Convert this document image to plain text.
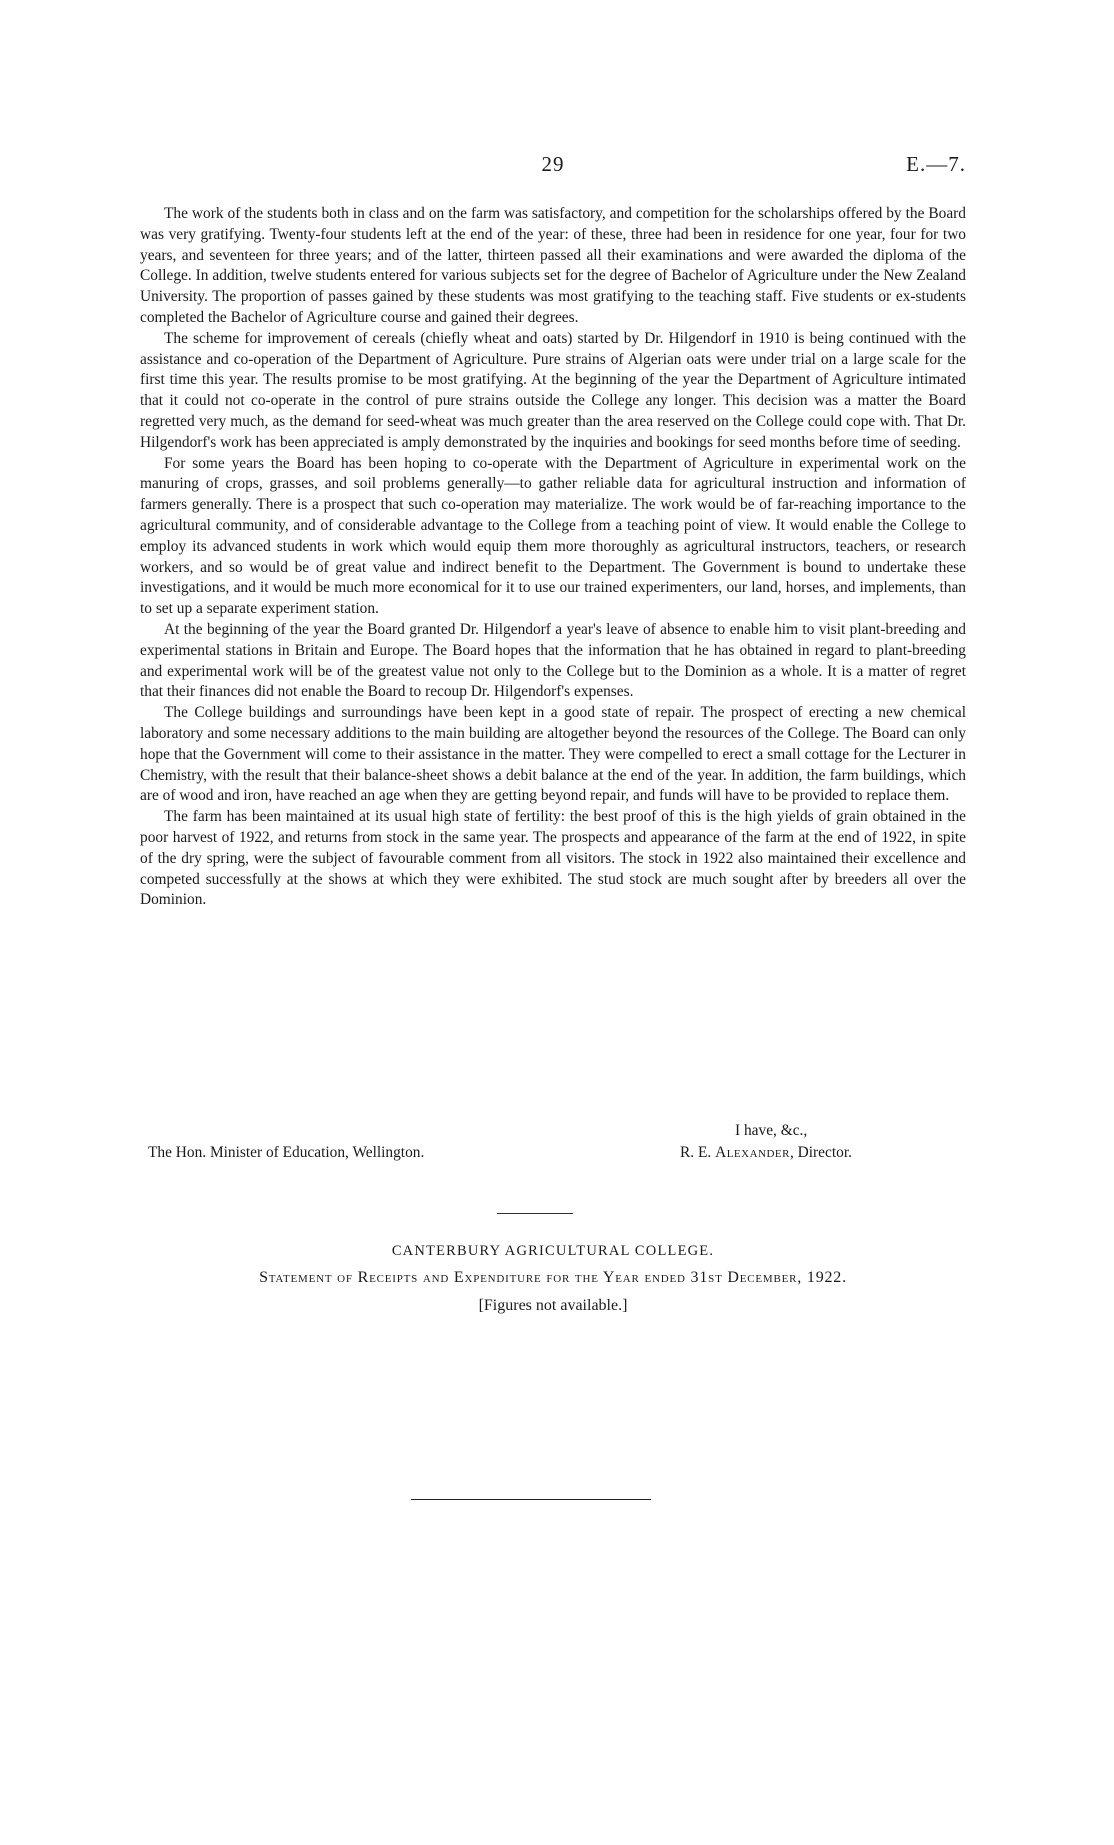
29	E.—7.

The work of the students both in class and on the farm was satisfactory, and competition for the scholarships offered by the Board was very gratifying. Twenty-four students left at the end of the year: of these, three had been in residence for one year, four for two years, and seventeen for three years; and of the latter, thirteen passed all their examinations and were awarded the diploma of the College. In addition, twelve students entered for various subjects set for the degree of Bachelor of Agriculture under the New Zealand University. The proportion of passes gained by these students was most gratifying to the teaching staff. Five students or ex-students completed the Bachelor of Agriculture course and gained their degrees.

The scheme for improvement of cereals (chiefly wheat and oats) started by Dr. Hilgendorf in 1910 is being continued with the assistance and co-operation of the Department of Agriculture. Pure strains of Algerian oats were under trial on a large scale for the first time this year. The results promise to be most gratifying. At the beginning of the year the Department of Agriculture intimated that it could not co-operate in the control of pure strains outside the College any longer. This decision was a matter the Board regretted very much, as the demand for seed-wheat was much greater than the area reserved on the College could cope with. That Dr. Hilgendorf's work has been appreciated is amply demonstrated by the inquiries and bookings for seed months before time of seeding.

For some years the Board has been hoping to co-operate with the Department of Agriculture in experimental work on the manuring of crops, grasses, and soil problems generally—to gather reliable data for agricultural instruction and information of farmers generally. There is a prospect that such co-operation may materialize. The work would be of far-reaching importance to the agricultural community, and of considerable advantage to the College from a teaching point of view. It would enable the College to employ its advanced students in work which would equip them more thoroughly as agricultural instructors, teachers, or research workers, and so would be of great value and indirect benefit to the Department. The Government is bound to undertake these investigations, and it would be much more economical for it to use our trained experimenters, our land, horses, and implements, than to set up a separate experiment station.

At the beginning of the year the Board granted Dr. Hilgendorf a year's leave of absence to enable him to visit plant-breeding and experimental stations in Britain and Europe. The Board hopes that the information that he has obtained in regard to plant-breeding and experimental work will be of the greatest value not only to the College but to the Dominion as a whole. It is a matter of regret that their finances did not enable the Board to recoup Dr. Hilgendorf's expenses.

The College buildings and surroundings have been kept in a good state of repair. The prospect of erecting a new chemical laboratory and some necessary additions to the main building are altogether beyond the resources of the College. The Board can only hope that the Government will come to their assistance in the matter. They were compelled to erect a small cottage for the Lecturer in Chemistry, with the result that their balance-sheet shows a debit balance at the end of the year. In addition, the farm buildings, which are of wood and iron, have reached an age when they are getting beyond repair, and funds will have to be provided to replace them.

The farm has been maintained at its usual high state of fertility: the best proof of this is the high yields of grain obtained in the poor harvest of 1922, and returns from stock in the same year. The prospects and appearance of the farm at the end of 1922, in spite of the dry spring, were the subject of favourable comment from all visitors. The stock in 1922 also maintained their excellence and competed successfully at the shows at which they were exhibited. The stud stock are much sought after by breeders all over the Dominion.

I have, &c.,
The Hon. Minister of Education, Wellington.	R. E. Alexander, Director.
CANTERBURY AGRICULTURAL COLLEGE.
Statement of Receipts and Expenditure for the Year ended 31st December, 1922.
[Figures not available.]
